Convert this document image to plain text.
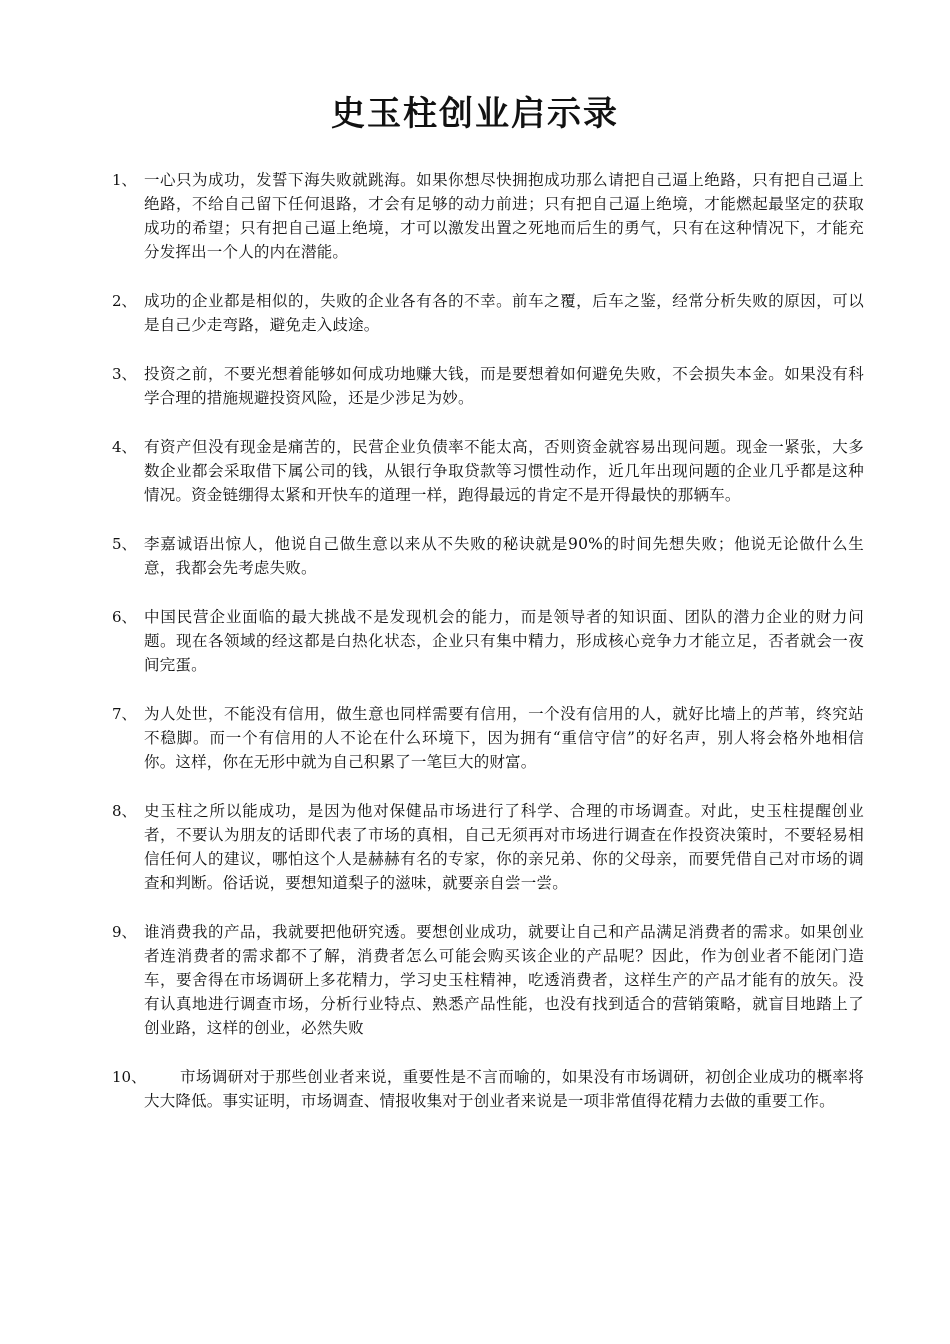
史玉柱创业启示录
1、 一心只为成功，发誓下海失败就跳海。如果你想尽快拥抱成功那么请把自己逼上绝路，只有把自己逼上绝路，不给自己留下任何退路，才会有足够的动力前进；只有把自己逼上绝境，才能燃起最坚定的获取成功的希望；只有把自己逼上绝境，才可以激发出置之死地而后生的勇气，只有在这种情况下，才能充分发挥出一个人的内在潜能。
2、 成功的企业都是相似的，失败的企业各有各的不幸。前车之覆，后车之鉴，经常分析失败的原因，可以是自己少走弯路，避免走入歧途。
3、 投资之前，不要光想着能够如何成功地赚大钱，而是要想着如何避免失败，不会损失本金。如果没有科学合理的措施规避投资风险，还是少涉足为妙。
4、 有资产但没有现金是痛苦的，民营企业负债率不能太高，否则资金就容易出现问题。现金一紧张，大多数企业都会采取借下属公司的钱，从银行争取贷款等习惯性动作，近几年出现问题的企业几乎都是这种情况。资金链绷得太紧和开快车的道理一样，跑得最远的肯定不是开得最快的那辆车。
5、 李嘉诚语出惊人，他说自己做生意以来从不失败的秘诀就是90%的时间先想失败；他说无论做什么生意，我都会先考虑失败。
6、 中国民营企业面临的最大挑战不是发现机会的能力，而是领导者的知识面、团队的潜力企业的财力问题。现在各领域的经这都是白热化状态，企业只有集中精力，形成核心竞争力才能立足，否者就会一夜间完蛋。
7、 为人处世，不能没有信用，做生意也同样需要有信用，一个没有信用的人，就好比墙上的芦苇，终究站不稳脚。而一个有信用的人不论在什么环境下，因为拥有“重信守信”的好名声，别人将会格外地相信你。这样，你在无形中就为自己积累了一笔巨大的财富。
8、 史玉柱之所以能成功，是因为他对保健品市场进行了科学、合理的市场调查。对此，史玉柱提醒创业者，不要认为朋友的话即代表了市场的真相，自己无须再对市场进行调查在作投资决策时，不要轻易相信任何人的建议，哪怕这个人是赫赫有名的专家，你的亲兄弟、你的父母亲，而要凭借自己对市场的调查和判断。俗话说，要想知道梨子的滋味，就要亲自尝一尝。
9、 谁消费我的产品，我就要把他研究透。要想创业成功，就要让自己和产品满足消费者的需求。如果创业者连消费者的需求都不了解，消费者怎么可能会购买该企业的产品呢？因此，作为创业者不能闭门造车，要舍得在市场调研上多花精力，学习史玉柱精神，吃透消费者，这样生产的产品才能有的放矢。没有认真地进行调查市场，分析行业特点、熟悉产品性能，也没有找到适合的营销策略，就盲目地踏上了创业路，这样的创业，必然失败
10、	市场调研对于那些创业者来说，重要性是不言而喻的，如果没有市场调研，初创企业成功的概率将大大降低。事实证明，市场调查、情报收集对于创业者来说是一项非常值得花精力去做的重要工作。
